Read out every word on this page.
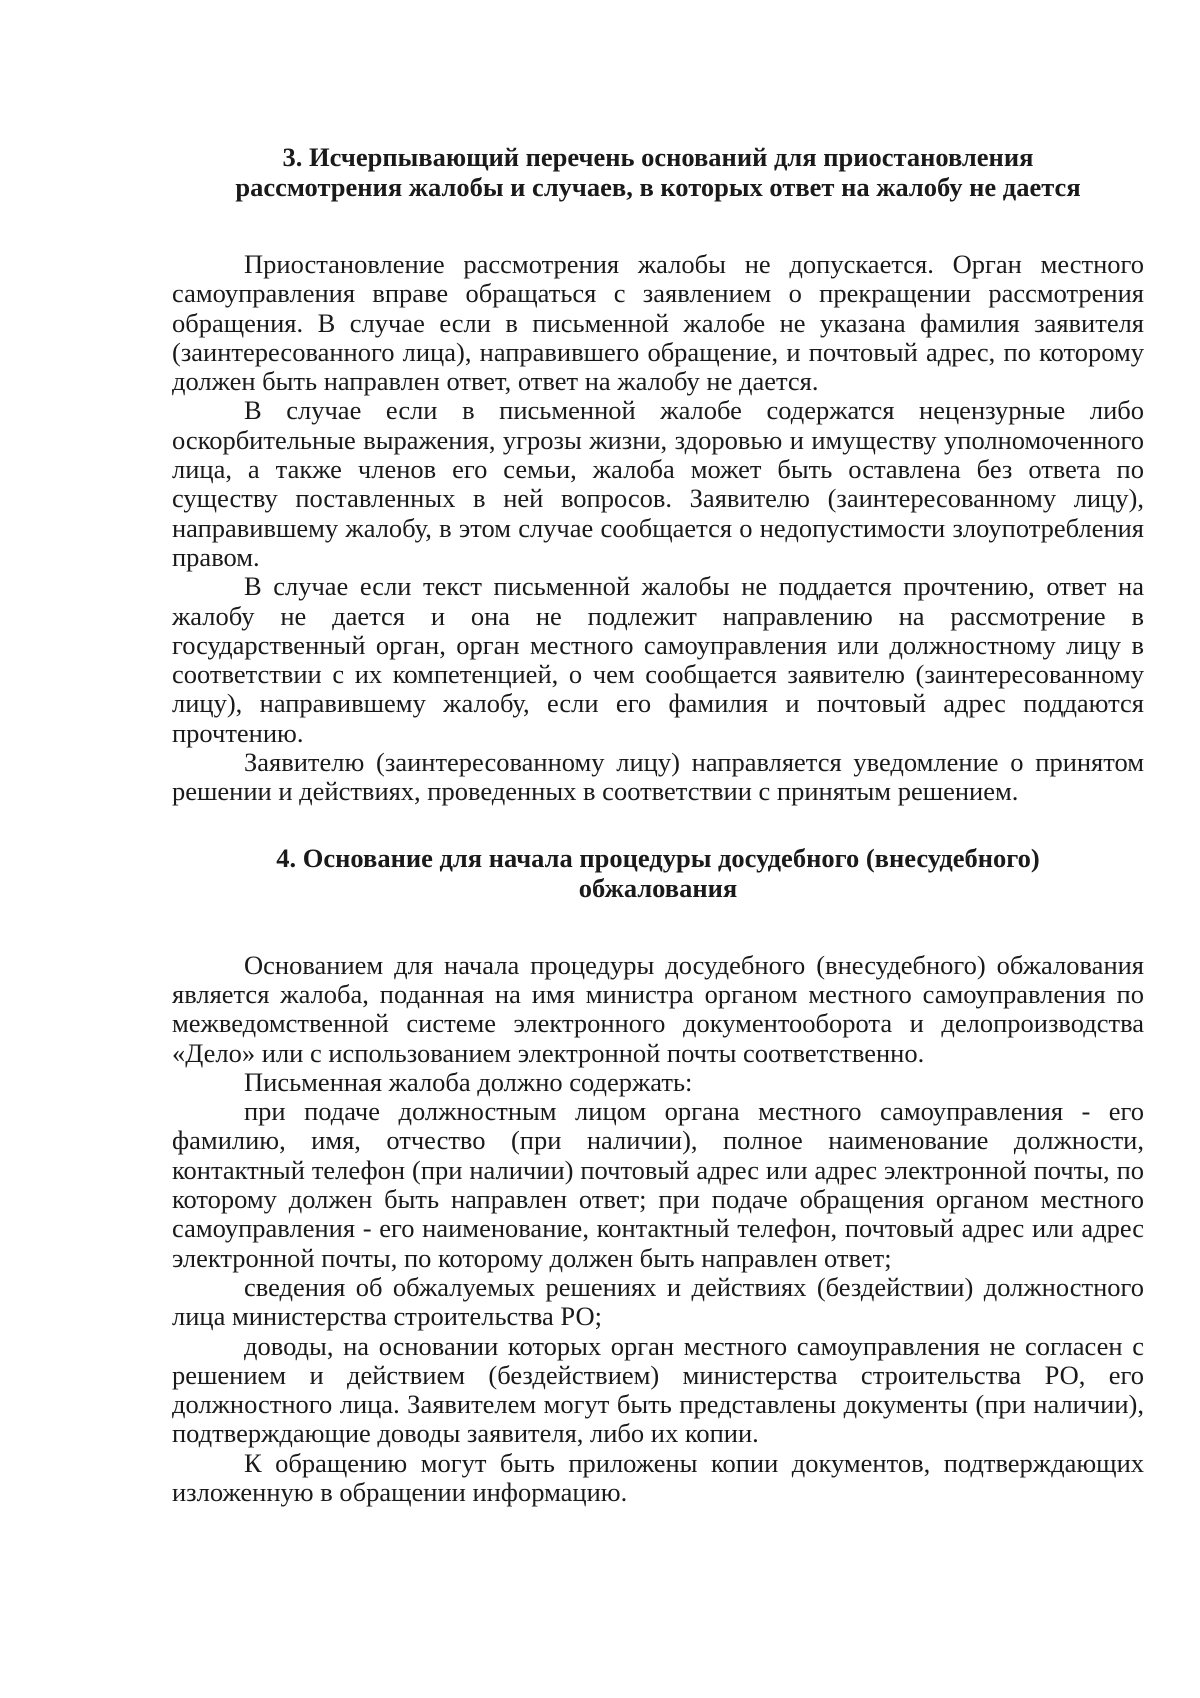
3. Исчерпывающий перечень оснований для приостановления
рассмотрения жалобы и случаев, в которых ответ на жалобу не дается

Приостановление рассмотрения жалобы не допускается. Орган местного самоуправления вправе обращаться с заявлением о прекращении рассмотрения обращения. В случае если в письменной жалобе не указана фамилия заявителя (заинтересованного лица), направившего обращение, и почтовый адрес, по которому должен быть направлен ответ, ответ на жалобу не дается.

В случае если в письменной жалобе содержатся нецензурные либо оскорбительные выражения, угрозы жизни, здоровью и имуществу уполномоченного лица, а также членов его семьи, жалоба может быть оставлена без ответа по существу поставленных в ней вопросов. Заявителю (заинтересованному лицу), направившему жалобу, в этом случае сообщается о недопустимости злоупотребления правом.

В случае если текст письменной жалобы не поддается прочтению, ответ на жалобу не дается и она не подлежит направлению на рассмотрение в государственный орган, орган местного самоуправления или должностному лицу в соответствии с их компетенцией, о чем сообщается заявителю (заинтересованному лицу), направившему жалобу, если его фамилия и почтовый адрес поддаются прочтению.

Заявителю (заинтересованному лицу) направляется уведомление о принятом решении и действиях, проведенных в соответствии с принятым решением.

4. Основание для начала процедуры досудебного (внесудебного)
обжалования

Основанием для начала процедуры досудебного (внесудебного) обжалования является жалоба, поданная на имя министра органом местного самоуправления по межведомственной системе электронного документооборота и делопроизводства «Дело» или с использованием электронной почты соответственно.

Письменная жалоба должно содержать:

при подаче должностным лицом органа местного самоуправления - его фамилию, имя, отчество (при наличии), полное наименование должности, контактный телефон (при наличии) почтовый адрес или адрес электронной почты, по которому должен быть направлен ответ; при подаче обращения органом местного самоуправления - его наименование, контактный телефон, почтовый адрес или адрес электронной почты, по которому должен быть направлен ответ;

сведения об обжалуемых решениях и действиях (бездействии) должностного лица министерства строительства РО;

доводы, на основании которых орган местного самоуправления не согласен с решением и действием (бездействием) министерства строительства РО, его должностного лица. Заявителем могут быть представлены документы (при наличии), подтверждающие доводы заявителя, либо их копии.

К обращению могут быть приложены копии документов, подтверждающих изложенную в обращении информацию.
